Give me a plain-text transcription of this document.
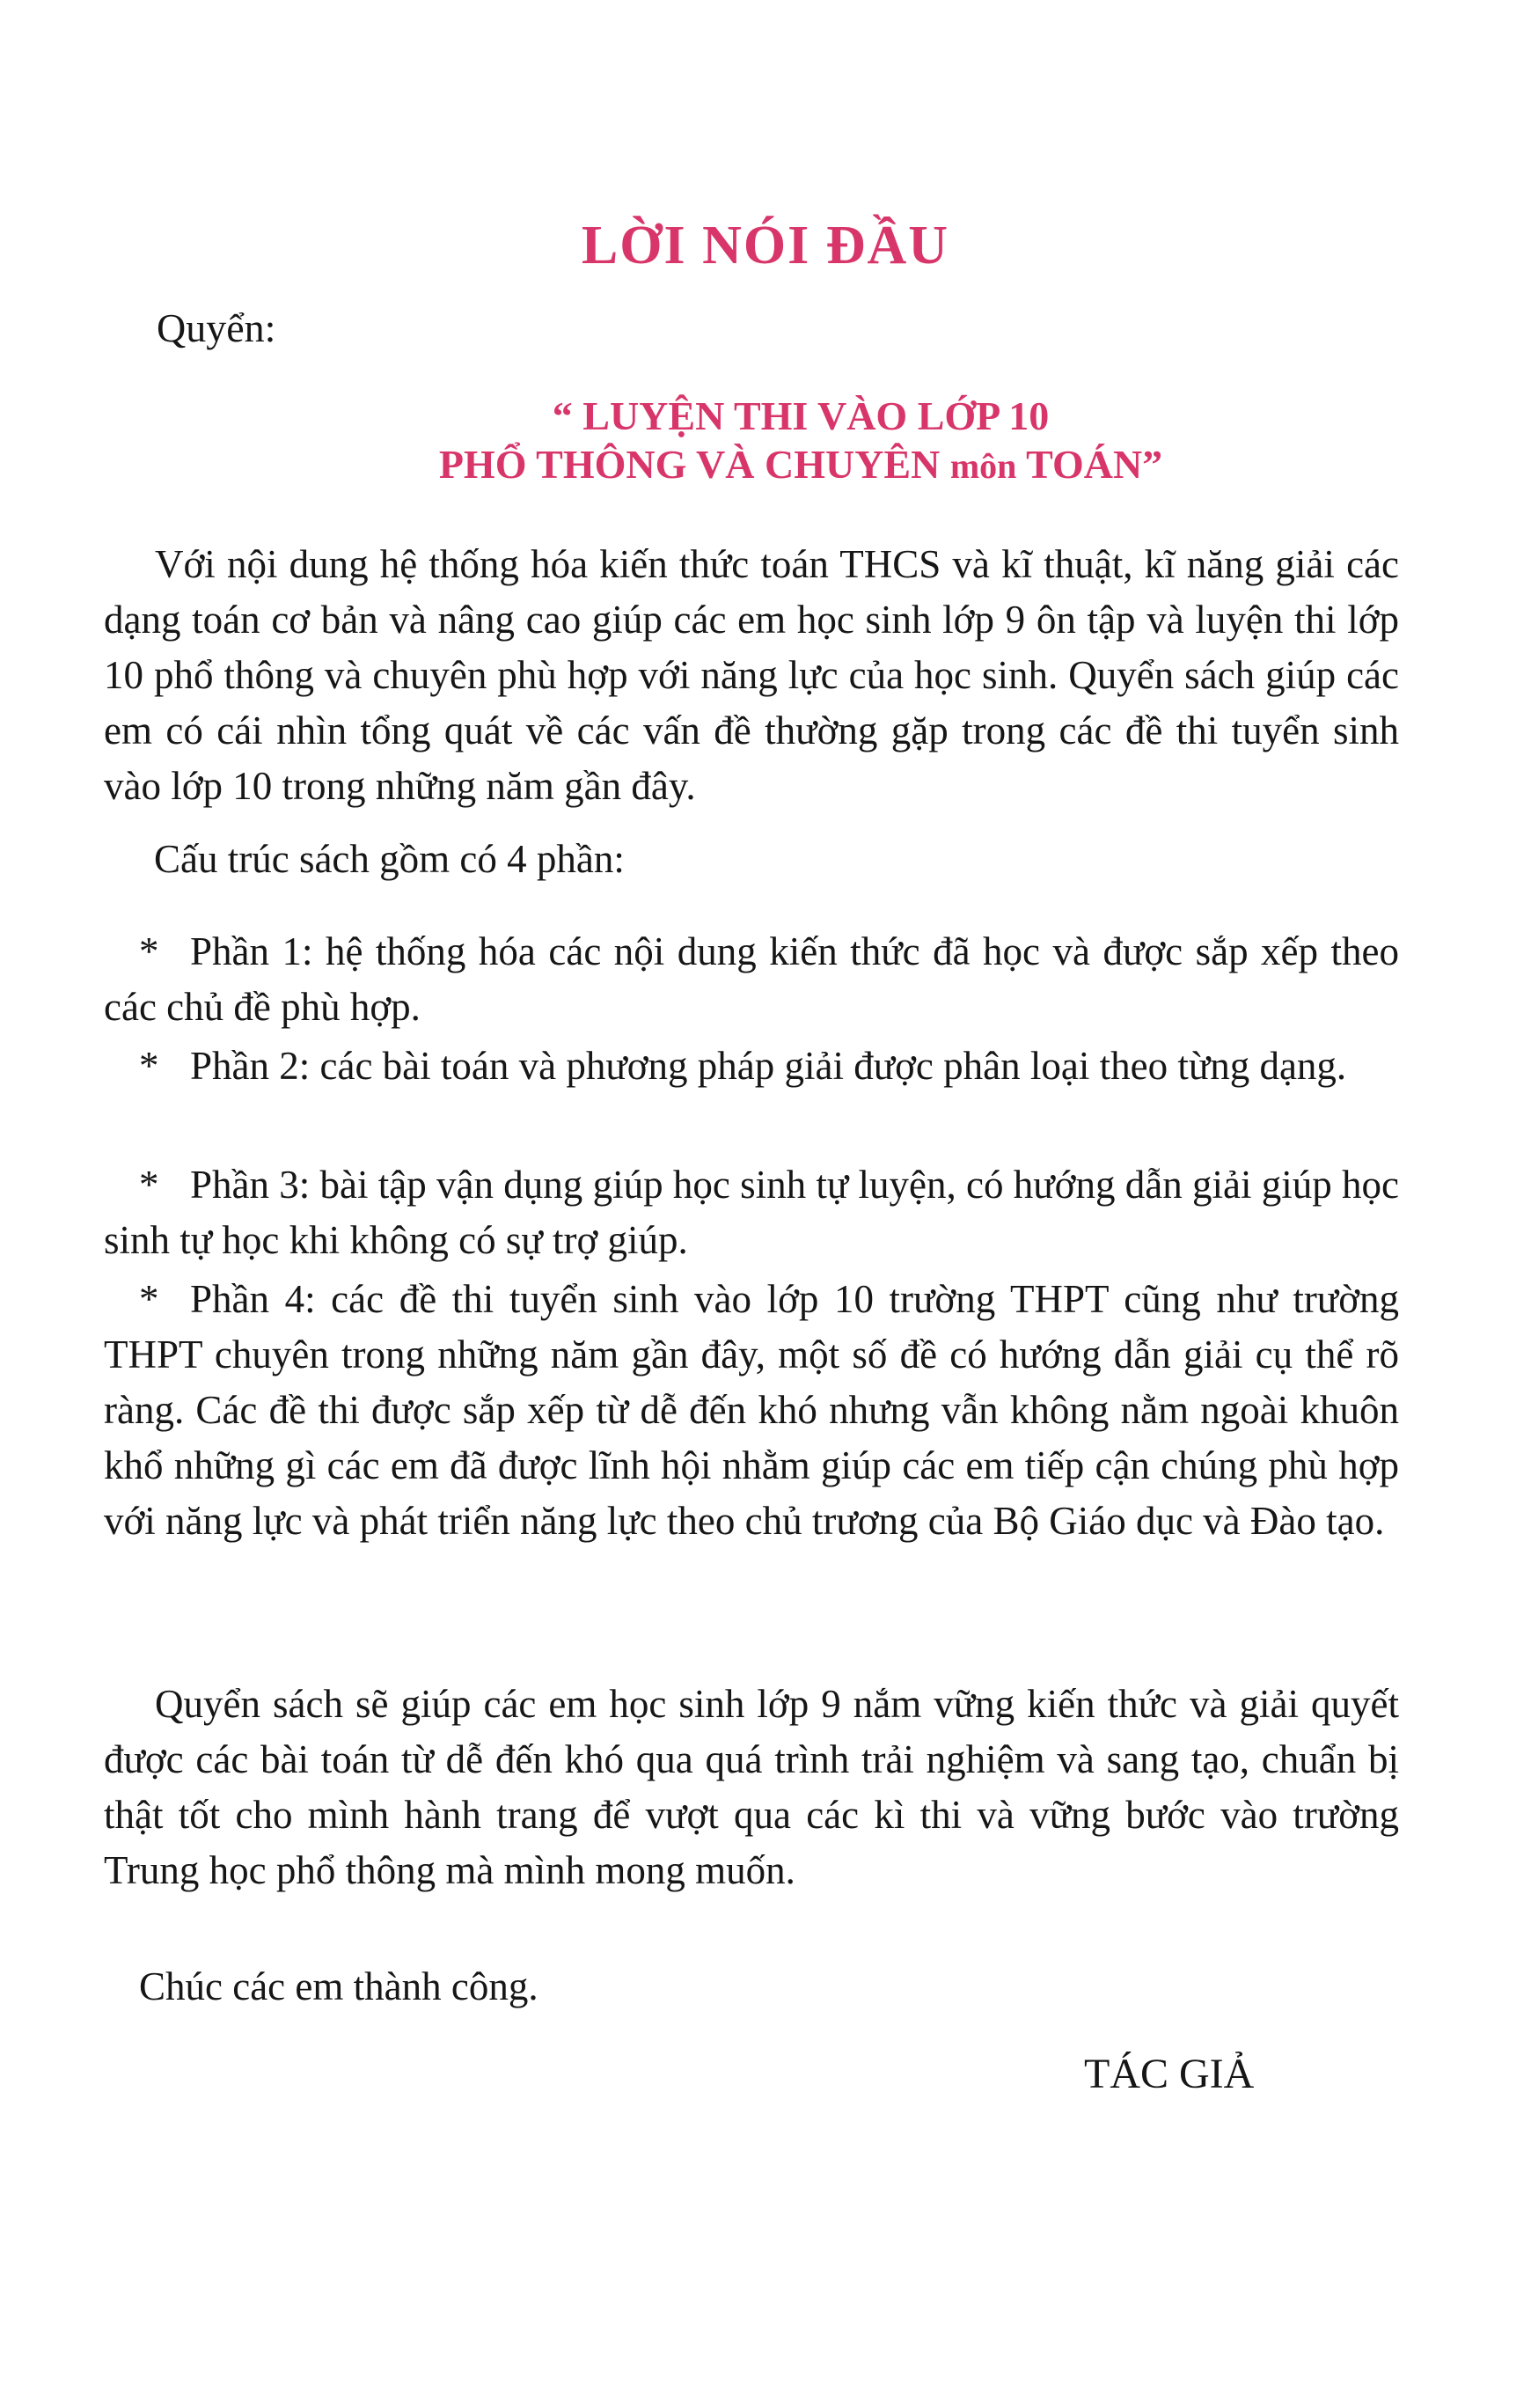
LỜI NÓI ĐẦU
Quyển:
“ LUYỆN THI VÀO LỚP 10
PHỔ THÔNG VÀ CHUYÊN môn TOÁN”

Với nội dung hệ thống hóa kiến thức toán THCS và kĩ thuật, kĩ năng giải các dạng toán cơ bản và nâng cao giúp các em học sinh lớp 9 ôn tập và luyện thi lớp 10 phổ thông và chuyên phù hợp với năng lực của học sinh. Quyển sách giúp các em có cái nhìn tổng quát về các vấn đề thường gặp trong các đề thi tuyển sinh vào lớp 10 trong những năm gần đây.

Cấu trúc sách gồm có 4 phần:

* Phần 1: hệ thống hóa các nội dung kiến thức đã học và được sắp xếp theo các chủ đề phù hợp.

* Phần 2: các bài toán và phương pháp giải được phân loại theo từng dạng.

* Phần 3: bài tập vận dụng giúp học sinh tự luyện, có hướng dẫn giải giúp học sinh tự học khi không có sự trợ giúp.

* Phần 4: các đề thi tuyển sinh vào lớp 10 trường THPT cũng như trường THPT chuyên trong những năm gần đây, một số đề có hướng dẫn giải cụ thể rõ ràng. Các đề thi được sắp xếp từ dễ đến khó nhưng vẫn không nằm ngoài khuôn khổ những gì các em đã được lĩnh hội nhằm giúp các em tiếp cận chúng phù hợp với năng lực và phát triển năng lực theo chủ trương của Bộ Giáo dục và Đào tạo.

Quyển sách sẽ giúp các em học sinh lớp 9 nắm vững kiến thức và giải quyết được các bài toán từ dễ đến khó qua quá trình trải nghiệm và sang tạo, chuẩn bị thật tốt cho mình hành trang để vượt qua các kì thi và vững bước vào trường Trung học phổ thông mà mình mong muốn.

Chúc các em thành công.

TÁC GIẢ
